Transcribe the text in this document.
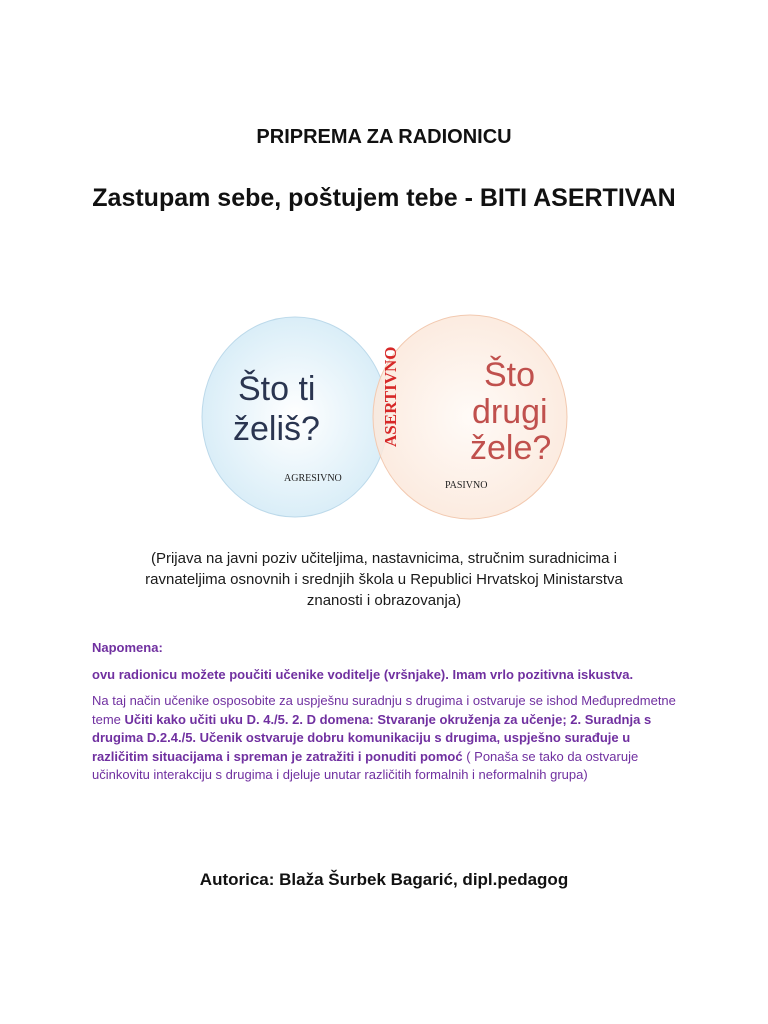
PRIPREMA ZA RADIONICU
Zastupam sebe, poštujem tebe - BITI ASERTIVAN
Što ti
želiš?
AGRESIVNO
Što
drugi
žele?
PASIVNO
ASERTIVNO
(Prijava na javni poziv učiteljima, nastavnicima, stručnim suradnicima i
ravnateljima osnovnih i srednjih škola u Republici Hrvatskoj Ministarstva
znanosti i obrazovanja)
Napomena:
ovu radionicu možete poučiti učenike voditelje (vršnjake). Imam vrlo pozitivna iskustva.
Na taj način učenike osposobite za uspješnu suradnju s drugima i ostvaruje se ishod Međupredmetne teme Učiti kako učiti uku D. 4./5. 2. D domena: Stvaranje okruženja za učenje; 2. Suradnja s drugima D.2.4./5. Učenik ostvaruje dobru komunikaciju s drugima, uspješno surađuje u različitim situacijama i spreman je zatražiti i ponuditi pomoć ( Ponaša se tako da ostvaruje učinkovitu interakciju s drugima i djeluje unutar različitih formalnih i neformalnih grupa)
Autorica: Blaža Šurbek Bagarić, dipl.pedagog
